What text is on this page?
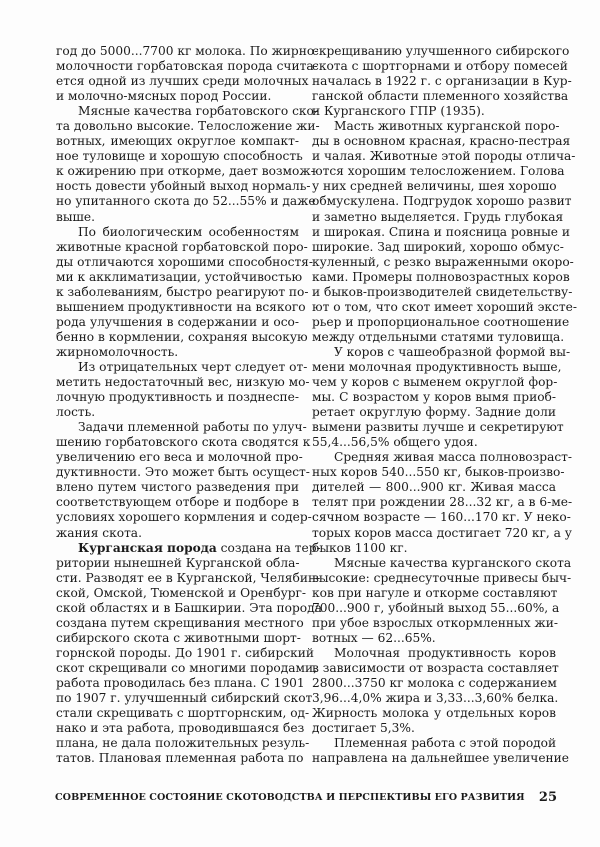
год до 5000...7700 кг молока. По жирно-
молочности горбатовская порода счита-
ется одной из лучших среди молочных
и молочно-мясных пород России.
Мясные качества горбатовского ско-
та довольно высокие. Телосложение жи-
вотных, имеющих округлое компакт-
ное туловище и хорошую способность
к ожирению при откорме, дает возмож-
ность довести убойный выход нормаль-
но упитанного скота до 52...55% и даже
выше.
По биологическим особенностям
животные красной горбатовской поро-
ды отличаются хорошими способностя-
ми к акклиматизации, устойчивостью
к заболеваниям, быстро реагируют по-
вышением продуктивности на всякого
рода улучшения в содержании и осо-
бенно в кормлении, сохраняя высокую
жирномолочность.
Из отрицательных черт следует от-
метить недостаточный вес, низкую мо-
лочную продуктивность и позднеспе-
лость.
Задачи племенной работы по улуч-
шению горбатовского скота сводятся к
увеличению его веса и молочной про-
дуктивности. Это может быть осущест-
влено путем чистого разведения при
соответствующем отборе и подборе в
условиях хорошего кормления и содер-
жания скота.
Курганская порода создана на тер-
ритории нынешней Курганской обла-
сти. Разводят ее в Курганской, Челябин-
ской, Омской, Тюменской и Оренбург-
ской областях и в Башкирии. Эта порода
создана путем скрещивания местного
сибирского скота с животными шорт-
горнской породы. До 1901 г. сибирский
скот скрещивали со многими породами,
работа проводилась без плана. С 1901
по 1907 г. улучшенный сибирский скот
стали скрещивать с шортгорнским, од-
нако и эта работа, проводившаяся без
плана, не дала положительных резуль-
татов. Плановая племенная работа по
скрещиванию улучшенного сибирского
скота с шортгорнами и отбору помесей
началась в 1922 г. с организации в Кур-
ганской области племенного хозяйства
и Курганского ГПР (1935).
Масть животных курганской поро-
ды в основном красная, красно-пестрая
и чалая. Животные этой породы отлича-
ются хорошим телосложением. Голова
у них средней величины, шея хорошо
обмускулена. Подгрудок хорошо развит
и заметно выделяется. Грудь глубокая
и широкая. Спина и поясница ровные и
широкие. Зад широкий, хорошо обмус-
куленный, с резко выраженными окоро-
ками. Промеры полновозрастных коров
и быков-производителей свидетельству-
ют о том, что скот имеет хороший эксте-
рьер и пропорциональное соотношение
между отдельными статями туловища.
У коров с чашеобразной формой вы-
мени молочная продуктивность выше,
чем у коров с выменем округлой фор-
мы. С возрастом у коров вымя приоб-
ретает округлую форму. Задние доли
вымени развиты лучше и секретируют
55,4...56,5% общего удоя.
Средняя живая масса полновозраст-
ных коров 540...550 кг, быков-произво-
дителей — 800...900 кг. Живая масса
телят при рождении 28...32 кг, а в 6-ме-
сячном возрасте — 160...170 кг. У неко-
торых коров масса достигает 720 кг, а у
быков 1100 кг.
Мясные качества курганского скота
высокие: среднесуточные привесы быч-
ков при нагуле и откорме составляют
700...900 г, убойный выход 55...60%, а
при убое взрослых откормленных жи-
вотных — 62...65%.
Молочная продуктивность коров
в зависимости от возраста составляет
2800...3750 кг молока с содержанием
3,96...4,0% жира и 3,33...3,60% белка.
Жирность молока у отдельных коров
достигает 5,3%.
Племенная работа с этой породой
направлена на дальнейшее увеличение
СОВРЕМЕННОЕ СОСТОЯНИЕ СКОТОВОДСТВА И ПЕРСПЕКТИВЫ ЕГО РАЗВИТИЯ 25
